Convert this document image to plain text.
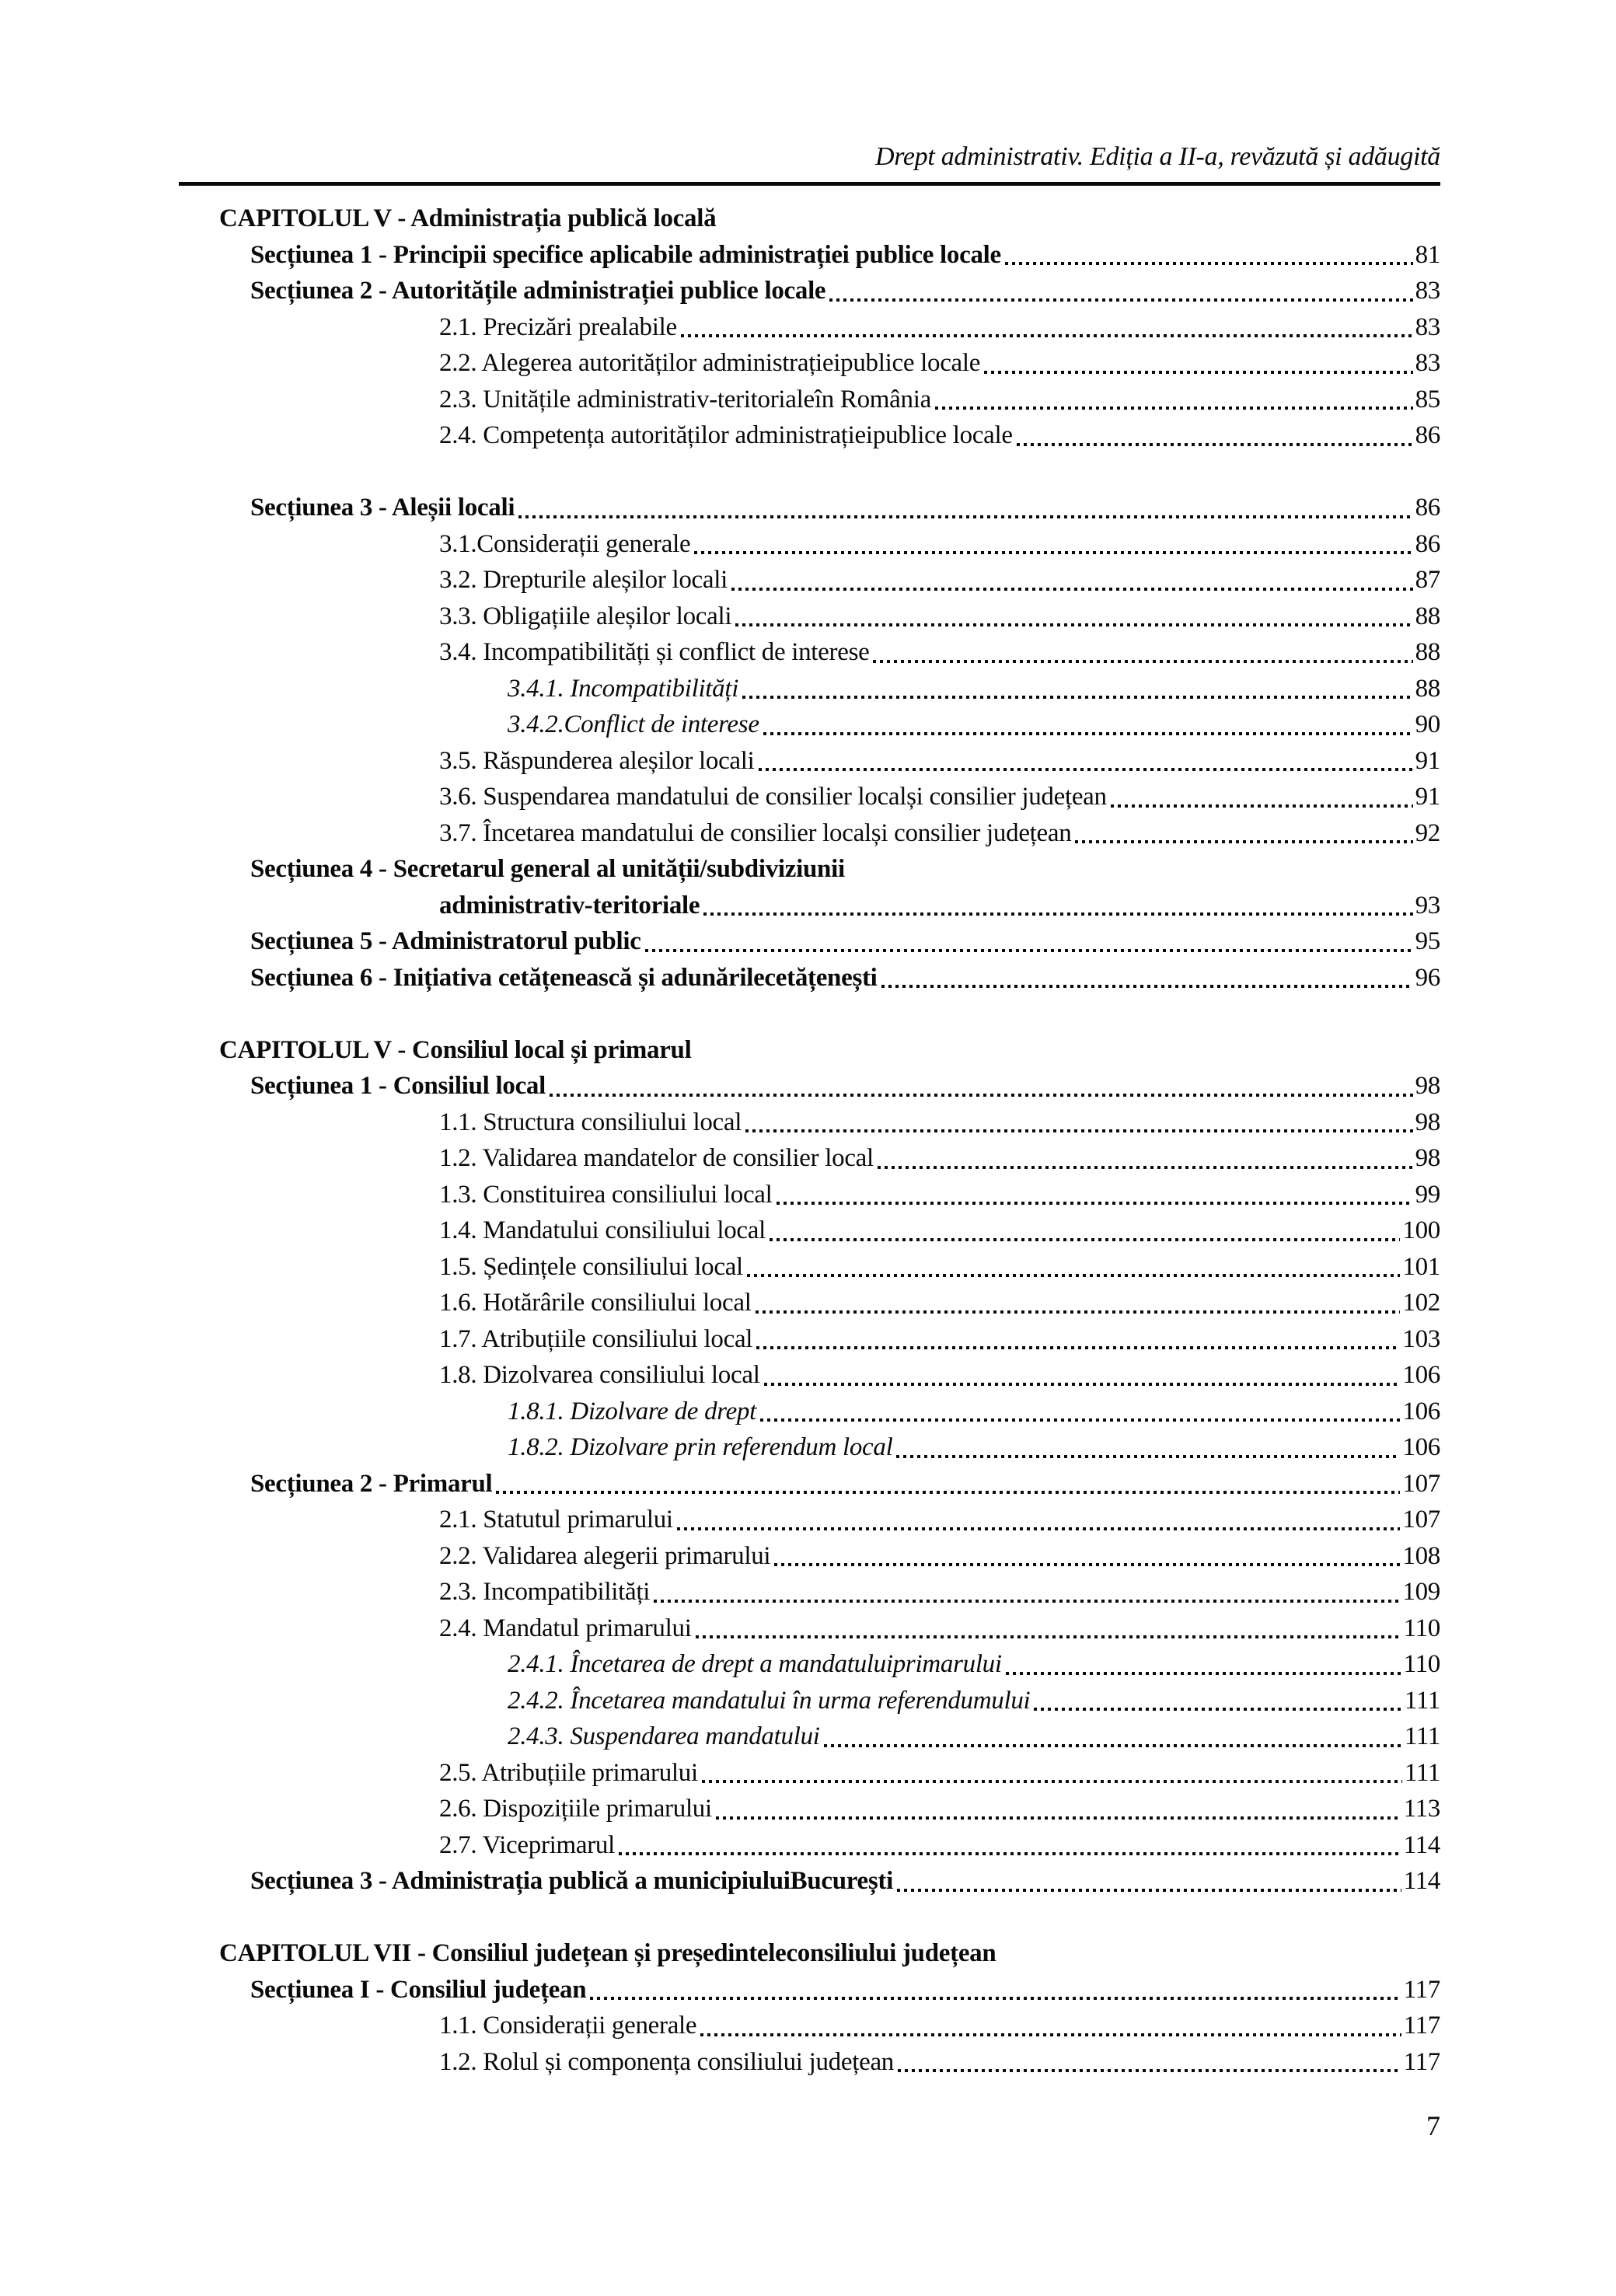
Drept administrativ. Ediția a II-a, revăzută și adăugită
CAPITOLUL V - Administrația publică locală
Secțiunea 1 - Principii specifice aplicabile administrației publice locale	81
Secțiunea 2 - Autoritățile administrației publice locale	83
2.1. Precizări prealabile	83
2.2. Alegerea autorităților administrațieipublice locale	83
2.3. Unitățile administrativ-teritorialeîn România	85
2.4. Competența autorităților administrațieipublice locale	86
Secțiunea 3 - Aleșii locali	86
3.1.Considerații generale	86
3.2. Drepturile aleșilor locali	87
3.3. Obligațiile aleșilor locali	88
3.4. Incompatibilități și conflict de interese	88
3.4.1. Incompatibilități	88
3.4.2.Conflict de interese	90
3.5. Răspunderea aleșilor locali	91
3.6. Suspendarea mandatului de consilier localși consilier județean	91
3.7. Încetarea mandatului de consilier localși consilier județean	92
Secțiunea 4 - Secretarul general al unității/subdiviziunii
administrativ-teritoriale	93
Secțiunea 5 - Administratorul public	95
Secțiunea 6 - Inițiativa cetățenească și adunărilecetățenești	96
CAPITOLUL V - Consiliul local și primarul
Secțiunea 1 - Consiliul local	98
1.1. Structura consiliului local	98
1.2. Validarea mandatelor de consilier local	98
1.3. Constituirea consiliului local	99
1.4. Mandatului consiliului local	100
1.5. Ședințele consiliului local	101
1.6. Hotărârile consiliului local	102
1.7. Atribuțiile consiliului local	103
1.8. Dizolvarea consiliului local	106
1.8.1. Dizolvare de drept	106
1.8.2. Dizolvare prin referendum local	106
Secțiunea 2 - Primarul	107
2.1. Statutul primarului	107
2.2. Validarea alegerii primarului	108
2.3. Incompatibilități	109
2.4. Mandatul primarului	110
2.4.1. Încetarea de drept a mandatuluiprimarului	110
2.4.2. Încetarea mandatului în urma referendumului	111
2.4.3. Suspendarea mandatului	111
2.5. Atribuțiile primarului	111
2.6. Dispozițiile primarului	113
2.7. Viceprimarul	114
Secțiunea 3 - Administrația publică a municipiuluiBucurești	114
CAPITOLUL VII - Consiliul județean și președinteleconsiliului județean
Secțiunea I - Consiliul județean	117
1.1. Considerații generale	117
1.2. Rolul și componența consiliului județean	117
7
